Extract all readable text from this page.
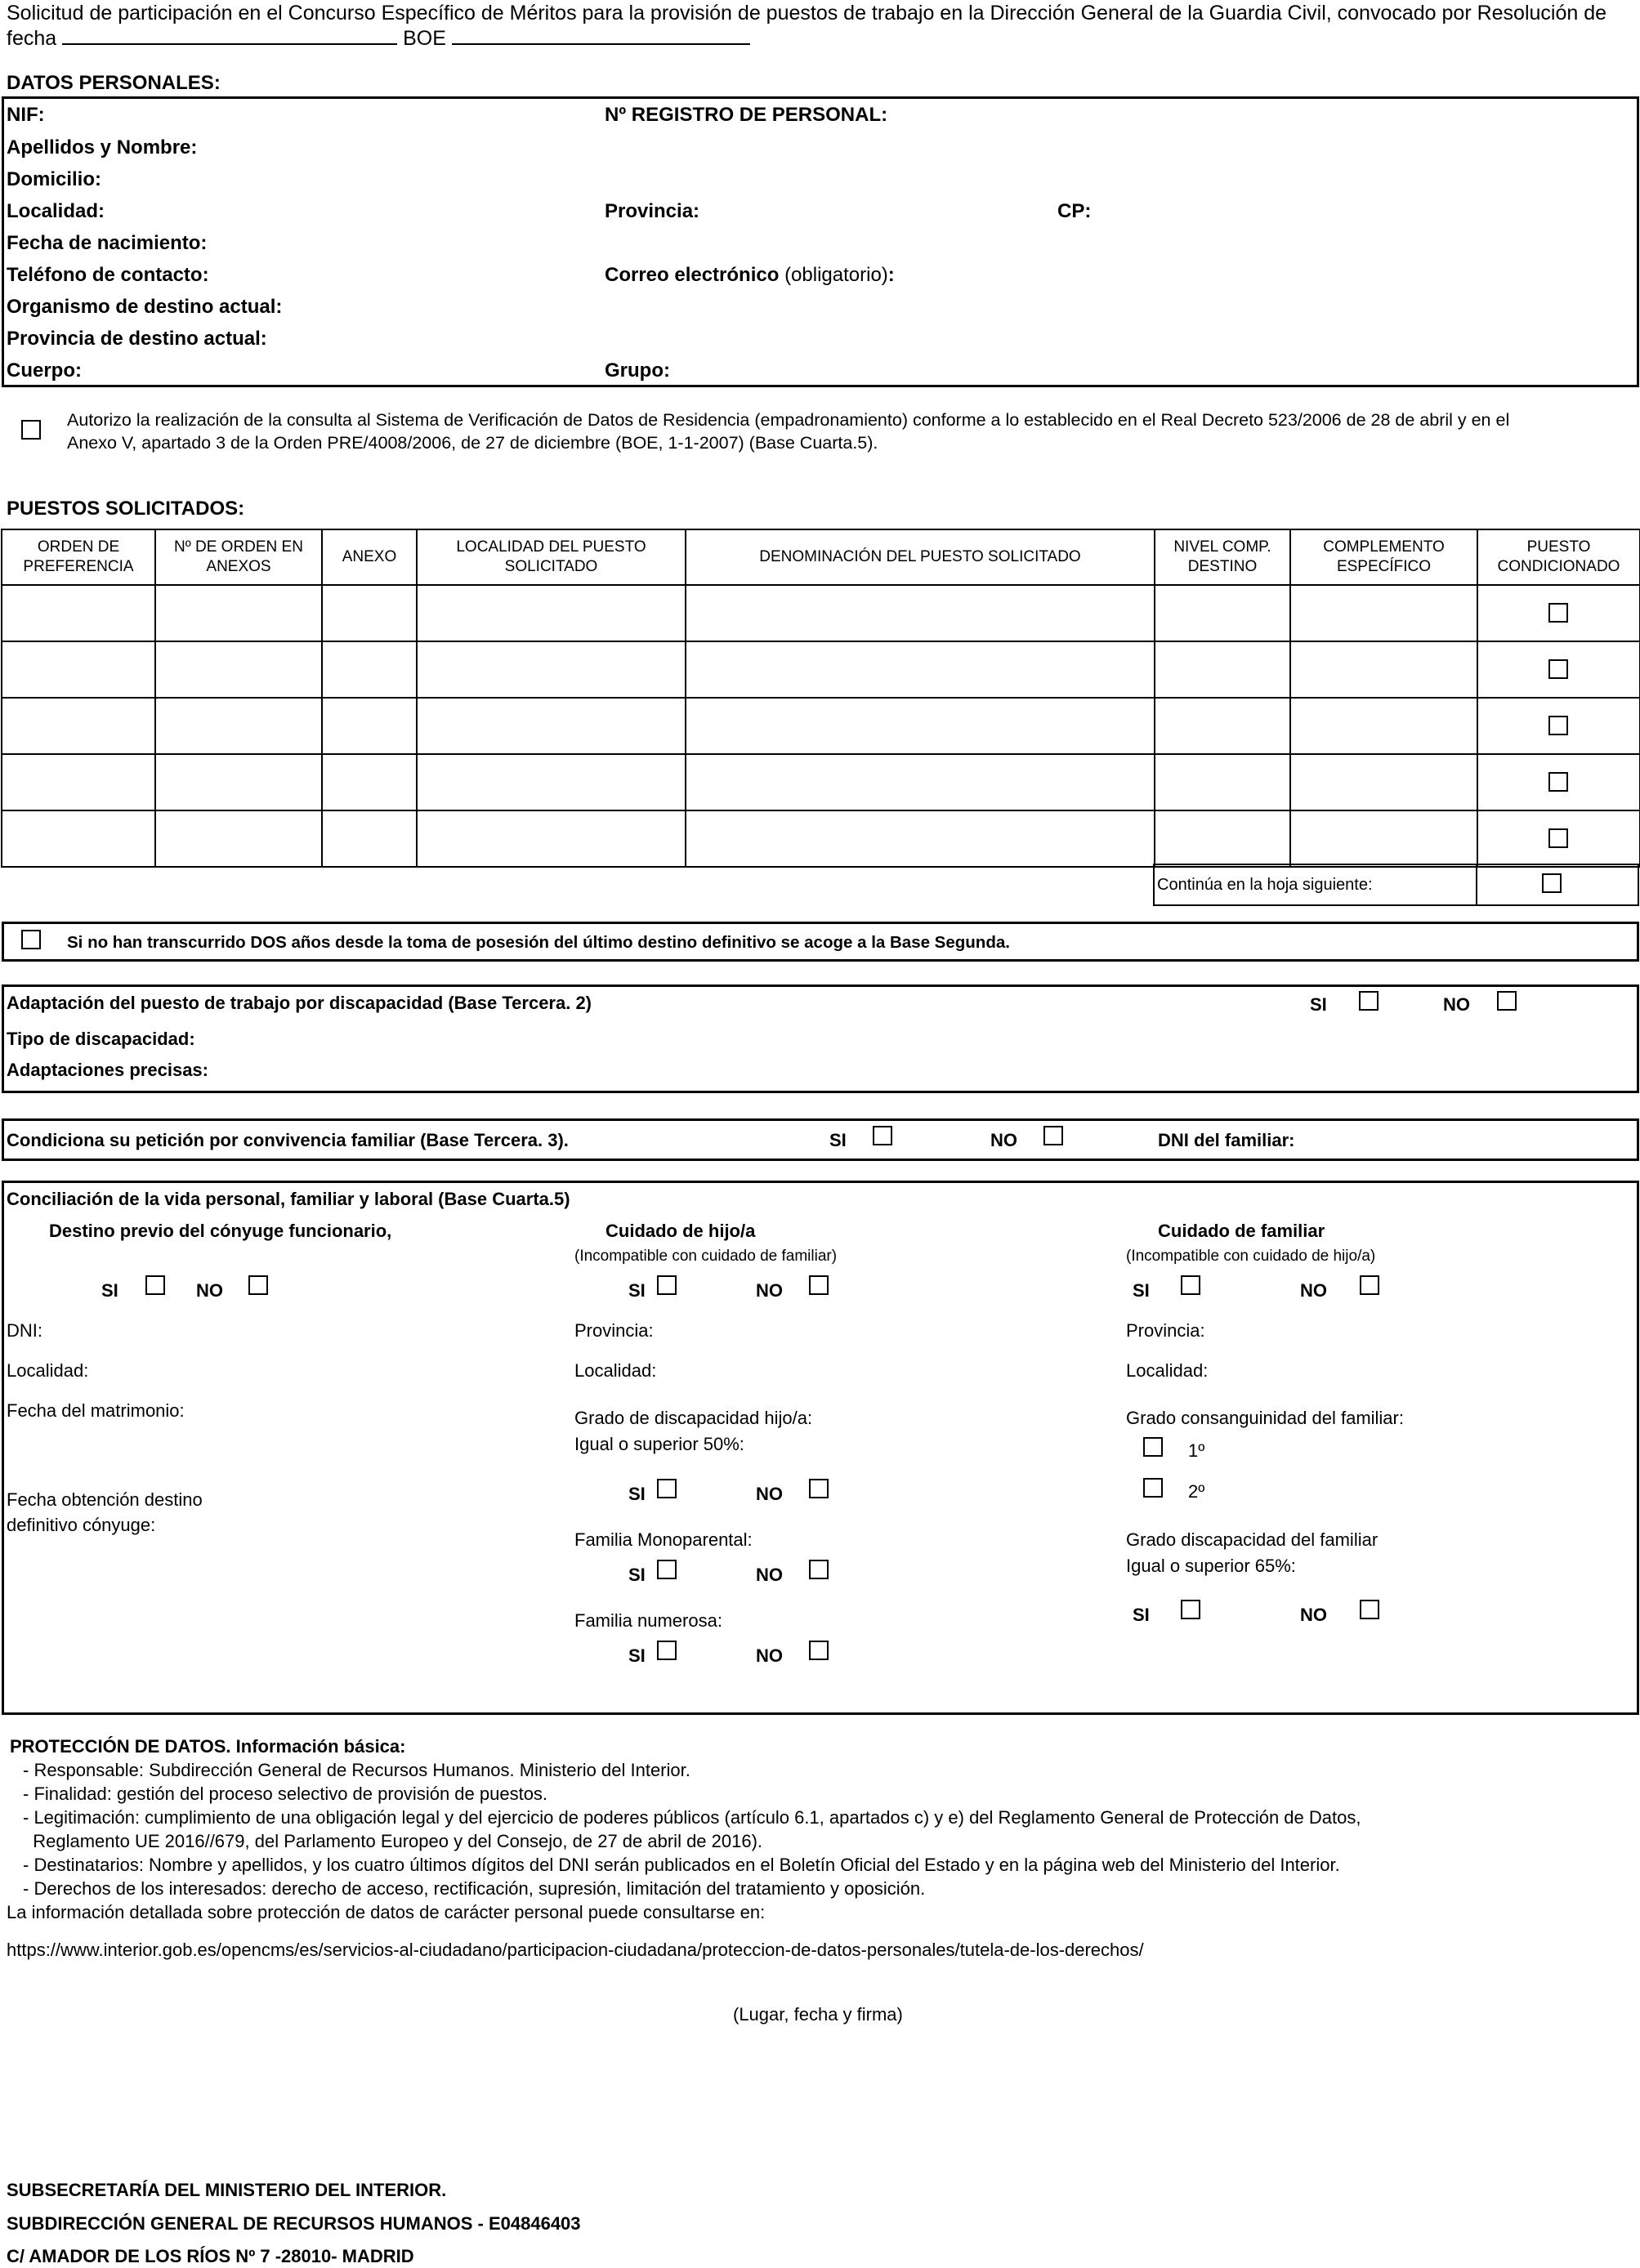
Solicitud de participación en el Concurso Específico de Méritos para la provisión de puestos de trabajo en la Dirección General de la Guardia Civil, convocado por Resolución de
fecha	BOE
DATOS PERSONALES:
NIF:	Nº REGISTRO DE PERSONAL:
Apellidos y Nombre:
Domicilio:
Localidad:	Provincia:	CP:
Fecha de nacimiento:
Teléfono de contacto:	Correo electrónico (obligatorio):
Organismo de destino actual:
Provincia de destino actual:
Cuerpo:	Grupo:
Autorizo la realización de la consulta al Sistema de Verificación de Datos de Residencia (empadronamiento) conforme a lo establecido en el Real Decreto 523/2006 de 28 de abril y en el
Anexo V, apartado 3 de la Orden PRE/4008/2006, de 27 de diciembre (BOE, 1-1-2007) (Base Cuarta.5).
PUESTOS SOLICITADOS:
ORDEN DE PREFERENCIA	Nº DE ORDEN EN ANEXOS	ANEXO	LOCALIDAD DEL PUESTO SOLICITADO	DENOMINACIÓN DEL PUESTO SOLICITADO	NIVEL COMP. DESTINO	COMPLEMENTO ESPECÍFICO	PUESTO CONDICIONADO

Continúa en la hoja siguiente:
Si no han transcurrido DOS años desde la toma de posesión del último destino definitivo se acoge a la Base Segunda.
Adaptación del puesto de trabajo por discapacidad (Base Tercera. 2)	SI	NO
Tipo de discapacidad:
Adaptaciones precisas:
Condiciona su petición por convivencia familiar (Base Tercera. 3).	SI	NO	DNI del familiar:
Conciliación de la vida personal, familiar y laboral (Base Cuarta.5)
Destino previo del cónyuge funcionario,
SI	NO
DNI:
Localidad:
Fecha del matrimonio:
Fecha obtención destino
definitivo cónyuge:
Cuidado de hijo/a
(Incompatible con cuidado de familiar)
SI	NO
Provincia:
Localidad:
Grado de discapacidad hijo/a:
Igual o superior 50%:
SI	NO
Familia Monoparental:
SI	NO
Familia numerosa:
SI	NO
Cuidado de familiar
(Incompatible con cuidado de hijo/a)
SI	NO
Provincia:
Localidad:
Grado consanguinidad del familiar:
1º
2º
Grado discapacidad del familiar
Igual o superior 65%:
SI	NO
PROTECCIÓN DE DATOS. Información básica:
- Responsable: Subdirección General de Recursos Humanos. Ministerio del Interior.
- Finalidad: gestión del proceso selectivo de provisión de puestos.
- Legitimación: cumplimiento de una obligación legal y del ejercicio de poderes públicos (artículo 6.1, apartados c) y e) del Reglamento General de Protección de Datos,
Reglamento UE 2016//679, del Parlamento Europeo y del Consejo, de 27 de abril de 2016).
- Destinatarios: Nombre y apellidos, y los cuatro últimos dígitos del DNI serán publicados en el Boletín Oficial del Estado y en la página web del Ministerio del Interior.
- Derechos de los interesados: derecho de acceso, rectificación, supresión, limitación del tratamiento y oposición.
La información detallada sobre protección de datos de carácter personal puede consultarse en:
https://www.interior.gob.es/opencms/es/servicios-al-ciudadano/participacion-ciudadana/proteccion-de-datos-personales/tutela-de-los-derechos/
(Lugar, fecha y firma)
SUBSECRETARÍA DEL MINISTERIO DEL INTERIOR.
SUBDIRECCIÓN GENERAL DE RECURSOS HUMANOS - E04846403
C/ AMADOR DE LOS RÍOS Nº 7 -28010- MADRID
